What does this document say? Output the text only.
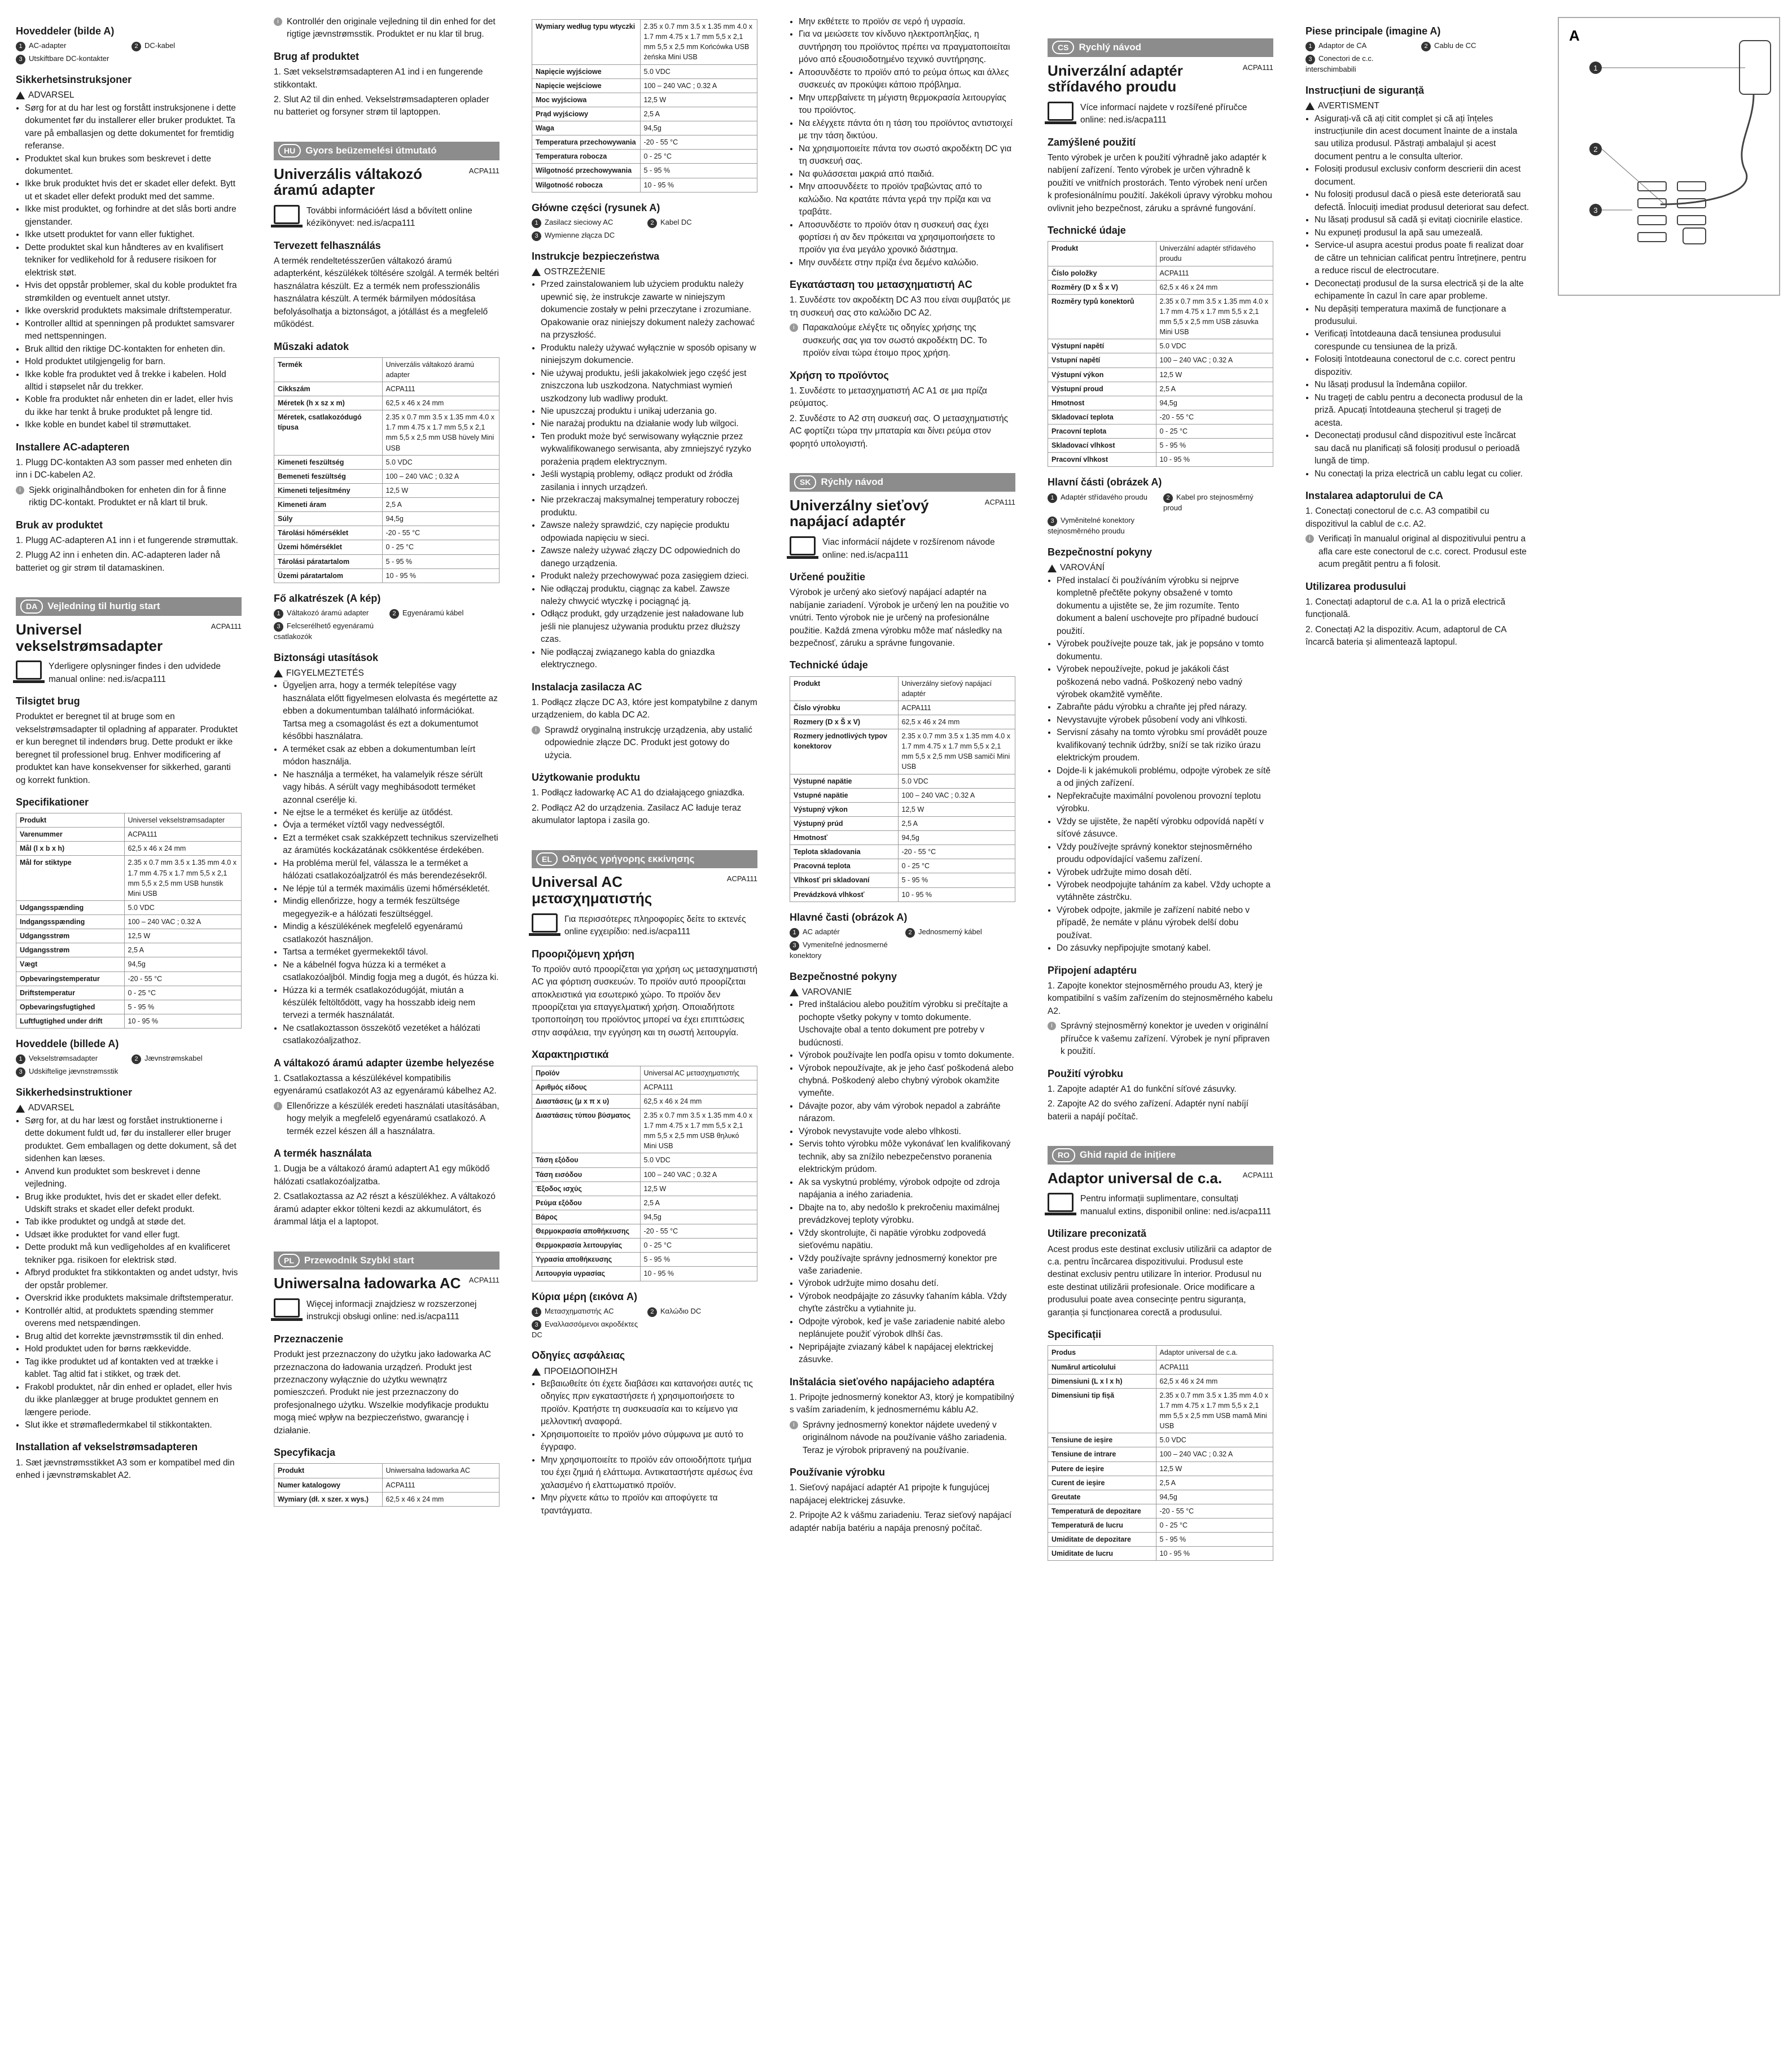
Hoveddeler (bilde A)
1 AC-adapter	2 DC-kabel
3 Utskiftbare DC-kontakter
Sikkerhetsinstruksjoner
ADVARSEL
• Sørg for at du har lest og forstått instruksjonene i dette dokumentet før du installerer eller bruker produktet. Ta vare på emballasjen og dette dokumentet for fremtidig referanse.
• Produktet skal kun brukes som beskrevet i dette dokumentet.
• Ikke bruk produktet hvis det er skadet eller defekt. Bytt ut et skadet eller defekt produkt med det samme.
• Ikke mist produktet, og forhindre at det slås borti andre gjenstander.
• Ikke utsett produktet for vann eller fuktighet.
• Dette produktet skal kun håndteres av en kvalifisert tekniker for vedlikehold for å redusere risikoen for elektrisk støt.
• Hvis det oppstår problemer, skal du koble produktet fra strømkilden og eventuelt annet utstyr.
• Ikke overskrid produktets maksimale driftstemperatur.
• Kontroller alltid at spenningen på produktet samsvarer med nettspenningen.
• Bruk alltid den riktige DC-kontakten for enheten din.
• Hold produktet utilgjengelig for barn.
• Ikke koble fra produktet ved å trekke i kabelen. Hold alltid i støpselet når du trekker.
• Koble fra produktet når enheten din er ladet, eller hvis du ikke har tenkt å bruke produktet på lengre tid.
• Ikke koble en bundet kabel til strømuttaket.
Installere AC-adapteren

1. Plugg DC-kontakten A3 som passer med enheten din inn i DC-kabelen A2.

i Sjekk originalhåndboken for enheten din for å finne riktig DC-kontakt. Produktet er nå klart til bruk.
Bruk av produktet

1. Plugg AC-adapteren A1 inn i et fungerende strømuttak.

2. Plugg A2 inn i enheten din. AC-adapteren lader nå batteriet og gir strøm til datamaskinen.

DA	Vejledning til hurtig start
Universel vekselstrømsadapter
ACPA111
Yderligere oplysninger findes i den udvidede manual online: ned.is/acpa111
Tilsigtet brug

Produktet er beregnet til at bruge som en vekselstrømsadapter til opladning af apparater. Produktet er kun beregnet til indendørs brug. Dette produkt er ikke beregnet til professionel brug. Enhver modificering af produktet kan have konsekvenser for sikkerhed, garanti og korrekt funktion.

Specifikationer
Produkt	Universel vekselstrømsadapter
Varenummer	ACPA111
Mål (l x b x h)	62,5 x 46 x 24 mm
Mål for stiktype	2.35 x 0.7 mm 3.5 x 1.35 mm 4.0 x 1.7 mm 4.75 x 1.7 mm 5,5 x 2,1 mm 5,5 x 2,5 mm USB hunstik Mini USB
Udgangsspænding	5.0 VDC
Indgangsspænding	100 – 240 VAC ; 0.32 A
Udgangsstrøm	12,5 W
Udgangsstrøm	2,5 A
Vægt	94,5g
Opbevaringstemperatur	-20 - 55 °C
Driftstemperatur	0 - 25 °C
Opbevaringsfugtighed	5 - 95 %
Luftfugtighed under drift	10 - 95 %
Hoveddele (billede A)
1 Vekselstrømsadapter	2 Jævnstrømskabel
3 Udskiftelige jævnstrømsstik
Sikkerhedsinstruktioner
ADVARSEL
• Sørg for, at du har læst og forstået instruktionerne i dette dokument fuldt ud, før du installerer eller bruger produktet. Gem emballagen og dette dokument, så det sidenhen kan læses.
• Anvend kun produktet som beskrevet i denne vejledning.
• Brug ikke produktet, hvis det er skadet eller defekt. Udskift straks et skadet eller defekt produkt.
• Tab ikke produktet og undgå at støde det.
• Udsæt ikke produktet for vand eller fugt.
• Dette produkt må kun vedligeholdes af en kvalificeret tekniker pga. risikoen for elektrisk stød.
• Afbryd produktet fra stikkontakten og andet udstyr, hvis der opstår problemer.
• Overskrid ikke produktets maksimale driftstemperatur.
• Kontrollér altid, at produktets spænding stemmer overens med netspændingen.
• Brug altid det korrekte jævnstrømsstik til din enhed.
• Hold produktet uden for børns rækkevidde.
• Tag ikke produktet ud af kontakten ved at trække i kablet. Tag altid fat i stikket, og træk det.
• Frakobl produktet, når din enhed er opladet, eller hvis du ikke planlægger at bruge produktet gennem en længere periode.
• Slut ikke et strømafledermkabel til stikkontakten.
Installation af vekselstrømsadapteren

1. Sæt jævnstrømsstikket A3 som er kompatibel med din enhed i jævnstrømskablet A2.

i Kontrollér den originale vejledning til din enhed for det rigtige jævnstrømsstik. Produktet er nu klar til brug.
Brug af produktet

1. Sæt vekselstrømsadapteren A1 ind i en fungerende stikkontakt.

2. Slut A2 til din enhed. Vekselstrømsadapteren oplader nu batteriet og forsyner strøm til laptoppen.

HU	Gyors beüzemelési útmutató
Univerzális váltakozó áramú adapter
ACPA111
További információért lásd a bővített online kézikönyvet: ned.is/acpa111
Tervezett felhasználás

A termék rendeltetésszerűen váltakozó áramú adapterként, készülékek töltésére szolgál. A termék beltéri használatra készült. Ez a termék nem professzionális használatra készült. A termék bármilyen módosítása befolyásolhatja a biztonságot, a jótállást és a megfelelő működést.

Műszaki adatok
Termék	Univerzális váltakozó áramú adapter
Cikkszám	ACPA111
Méretek (h x sz x m)	62,5 x 46 x 24 mm
Méretek, csatlakozódugó típusa	2.35 x 0.7 mm 3.5 x 1.35 mm 4.0 x 1.7 mm 4.75 x 1.7 mm 5,5 x 2,1 mm 5,5 x 2,5 mm USB hüvely Mini USB
Kimeneti feszültség	5.0 VDC
Bemeneti feszültség	100 – 240 VAC ; 0.32 A
Kimeneti teljesítmény	12,5 W
Kimeneti áram	2,5 A
Súly	94,5g
Tárolási hőmérséklet	-20 - 55 °C
Üzemi hőmérséklet	0 - 25 °C
Tárolási páratartalom	5 - 95 %
Üzemi páratartalom	10 - 95 %
Fő alkatrészek (A kép)
1 Váltakozó áramú adapter	2 Egyenáramú kábel
3 Felcserélhető egyenáramú csatlakozók
Biztonsági utasítások
FIGYELMEZTETÉS
• Ügyeljen arra, hogy a termék telepítése vagy használata előtt figyelmesen elolvasta és megértette az ebben a dokumentumban található információkat. Tartsa meg a csomagolást és ezt a dokumentumot későbbi használatra.
• A terméket csak az ebben a dokumentumban leírt módon használja.
• Ne használja a terméket, ha valamelyik része sérült vagy hibás. A sérült vagy meghibásodott terméket azonnal cserélje ki.
• Ne ejtse le a terméket és kerülje az ütődést.
• Óvja a terméket víztől vagy nedvességtől.
• Ezt a terméket csak szakképzett technikus szervizelheti az áramütés kockázatának csökkentése érdekében.
• Ha probléma merül fel, válassza le a terméket a hálózati csatlakozóaljzatról és más berendezésekről.
• Ne lépje túl a termék maximális üzemi hőmérsékletét.
• Mindig ellenőrizze, hogy a termék feszültsége megegyezik-e a hálózati feszültséggel.
• Mindig a készülékének megfelelő egyenáramú csatlakozót használjon.
• Tartsa a terméket gyermekektől távol.
• Ne a kábelnél fogva húzza ki a terméket a csatlakozóaljból. Mindig fogja meg a dugót, és húzza ki.
• Húzza ki a termék csatlakozódugóját, miután a készülék feltöltődött, vagy ha hosszabb ideig nem tervezi a termék használatát.
• Ne csatlakoztasson összekötő vezetéket a hálózati csatlakozóaljzathoz.
A váltakozó áramú adapter üzembe helyezése

1. Csatlakoztassa a készülékével kompatibilis egyenáramú csatlakozót A3 az egyenáramú kábelhez A2.

i Ellenőrizze a készülék eredeti használati utasításában, hogy melyik a megfelelő egyenáramú csatlakozó. A termék ezzel készen áll a használatra.
A termék használata

1. Dugja be a váltakozó áramú adaptert A1 egy működő hálózati csatlakozóaljzatba.

2. Csatlakoztassa az A2 részt a készülékhez. A váltakozó áramú adapter ekkor tölteni kezdi az akkumulátort, és árammal látja el a laptopot.

PL	Przewodnik Szybki start
Uniwersalna ładowarka AC ACPA111
Więcej informacji znajdziesz w rozszerzonej instrukcji obsługi online: ned.is/acpa111
Przeznaczenie

Produkt jest przeznaczony do użytku jako ładowarka AC przeznaczona do ładowania urządzeń. Produkt jest przeznaczony wyłącznie do użytku wewnątrz pomieszczeń. Produkt nie jest przeznaczony do profesjonalnego użytku. Wszelkie modyfikacje produktu mogą mieć wpływ na bezpieczeństwo, gwarancję i działanie.

Specyfikacja
Produkt	Uniwersalna ładowarka AC
Numer katalogowy	ACPA111
Wymiary (dł. x szer. x wys.)	62,5 x 46 x 24 mm
Wymiary według typu wtyczki	2.35 x 0.7 mm 3.5 x 1.35 mm 4.0 x 1.7 mm 4.75 x 1.7 mm 5,5 x 2,1 mm 5,5 x 2,5 mm Końcówka USB żeńska Mini USB
Napięcie wyjściowe	5.0 VDC
Napięcie wejściowe	100 – 240 VAC ; 0.32 A
Moc wyjściowa	12,5 W
Prąd wyjściowy	2,5 A
Waga	94,5g
Temperatura przechowywania	-20 - 55 °C
Temperatura robocza	0 - 25 °C
Wilgotność przechowywania	5 - 95 %
Wilgotność robocza	10 - 95 %
Główne części (rysunek A)
1 Zasilacz sieciowy AC	2 Kabel DC
3 Wymienne złącza DC
Instrukcje bezpieczeństwa
OSTRZEŻENIE
• Przed zainstalowaniem lub użyciem produktu należy upewnić się, że instrukcje zawarte w niniejszym dokumencie zostały w pełni przeczytane i zrozumiane. Opakowanie oraz niniejszy dokument należy zachować na przyszłość.
• Produktu należy używać wyłącznie w sposób opisany w niniejszym dokumencie.
• Nie używaj produktu, jeśli jakakolwiek jego część jest zniszczona lub uszkodzona. Natychmiast wymień uszkodzony lub wadliwy produkt.
• Nie upuszczaj produktu i unikaj uderzania go.
• Nie narażaj produktu na działanie wody lub wilgoci.
• Ten produkt może być serwisowany wyłącznie przez wykwalifikowanego serwisanta, aby zmniejszyć ryzyko porażenia prądem elektrycznym.
• Jeśli wystąpią problemy, odłącz produkt od źródła zasilania i innych urządzeń.
• Nie przekraczaj maksymalnej temperatury roboczej produktu.
• Zawsze należy sprawdzić, czy napięcie produktu odpowiada napięciu w sieci.
• Zawsze należy używać złączy DC odpowiednich do danego urządzenia.
• Produkt należy przechowywać poza zasięgiem dzieci.
• Nie odłączaj produktu, ciągnąc za kabel. Zawsze należy chwycić wtyczkę i pociągnąć ją.
• Odłącz produkt, gdy urządzenie jest naładowane lub jeśli nie planujesz używania produktu przez dłuższy czas.
• Nie podłączaj związanego kabla do gniazdka elektrycznego.
Instalacja zasilacza AC

1. Podłącz złącze DC A3, które jest kompatybilne z danym urządzeniem, do kabla DC A2.

i Sprawdź oryginalną instrukcję urządzenia, aby ustalić odpowiednie złącze DC. Produkt jest gotowy do użycia.
Użytkowanie produktu

1. Podłącz ładowarkę AC A1 do działającego gniazdka.

2. Podłącz A2 do urządzenia. Zasilacz AC ładuje teraz akumulator laptopa i zasila go.

EL	Οδηγός γρήγορης εκκίνησης
Universal AC μετασχηματιστής
ACPA111
Για περισσότερες πληροφορίες δείτε το εκτενές online εγχειρίδιο: ned.is/acpa111
Προοριζόμενη χρήση

Το προϊόν αυτό προορίζεται για χρήση ως μετασχηματιστή AC για φόρτιση συσκευών. Το προϊόν αυτό προορίζεται αποκλειστικά για εσωτερικό χώρο. Το προϊόν δεν προορίζεται για επαγγελματική χρήση. Οποιαδήποτε τροποποίηση του προϊόντος μπορεί να έχει επιπτώσεις στην ασφάλεια, την εγγύηση και τη σωστή λειτουργία.

Χαρακτηριστικά
Προϊόν	Universal AC μετασχηματιστής
Αριθμός είδους	ACPA111
Διαστάσεις (μ x π x υ)	62,5 x 46 x 24 mm
Διαστάσεις τύπου βύσματος	2.35 x 0.7 mm 3.5 x 1.35 mm 4.0 x 1.7 mm 4.75 x 1.7 mm 5,5 x 2,1 mm 5,5 x 2,5 mm USB θηλυκό Mini USB
Τάση εξόδου	5.0 VDC
Τάση εισόδου	100 – 240 VAC ; 0.32 A
Έξοδος ισχύς	12,5 W
Ρεύμα εξόδου	2,5 A
Βάρος	94,5g
Θερμοκρασία αποθήκευσης	-20 - 55 °C
Θερμοκρασία λειτουργίας	0 - 25 °C
Υγρασία αποθήκευσης	5 - 95 %
Λειτουργία υγρασίας	10 - 95 %
Κύρια μέρη (εικόνα A)
1 Μετασχηματιστής AC	2 Καλώδιο DC
3 Εναλλασσόμενοι ακροδέκτες DC
Οδηγίες ασφάλειας
ΠΡΟΕΙΔΟΠΟΙΗΣΗ
• Βεβαιωθείτε ότι έχετε διαβάσει και κατανοήσει αυτές τις οδηγίες πριν εγκαταστήσετε ή χρησιμοποιήσετε το προϊόν. Κρατήστε τη συσκευασία και το κείμενο για μελλοντική αναφορά.
• Χρησιμοποιείτε το προϊόν μόνο σύμφωνα με αυτό το έγγραφο.
• Μην χρησιμοποιείτε το προϊόν εάν οποιοδήποτε τμήμα του έχει ζημιά ή ελάττωμα. Αντικαταστήστε αμέσως ένα χαλασμένο ή ελαττωματικό προϊόν.
• Μην ρίχνετε κάτω το προϊόν και αποφύγετε τα τραντάγματα.
• Μην εκθέτετε το προϊόν σε νερό ή υγρασία.
• Για να μειώσετε τον κίνδυνο ηλεκτροπληξίας, η συντήρηση του προϊόντος πρέπει να πραγματοποιείται μόνο από εξουσιοδοτημένο τεχνικό συντήρησης.
• Αποσυνδέστε το προϊόν από το ρεύμα όπως και άλλες συσκευές αν προκύψει κάποιο πρόβλημα.
• Μην υπερβαίνετε τη μέγιστη θερμοκρασία λειτουργίας του προϊόντος.
• Να ελέγχετε πάντα ότι η τάση του προϊόντος αντιστοιχεί με την τάση δικτύου.
• Να χρησιμοποιείτε πάντα τον σωστό ακροδέκτη DC για τη συσκευή σας.
• Να φυλάσσεται μακριά από παιδιά.
• Μην αποσυνδέετε το προϊόν τραβώντας από το καλώδιο. Να κρατάτε πάντα γερά την πρίζα και να τραβάτε.
• Αποσυνδέστε το προϊόν όταν η συσκευή σας έχει φορτίσει ή αν δεν πρόκειται να χρησιμοποιήσετε το προϊόν για ένα μεγάλο χρονικό διάστημα.
• Μην συνδέετε στην πρίζα ένα δεμένο καλώδιο.
Εγκατάσταση του μετασχηματιστή AC

1. Συνδέστε τον ακροδέκτη DC A3 που είναι συμβατός με τη συσκευή σας στο καλώδιο DC A2.

i Παρακαλούμε ελέγξτε τις οδηγίες χρήσης της συσκευής σας για τον σωστό ακροδέκτη DC. Το προϊόν είναι τώρα έτοιμο προς χρήση.
Χρήση το προϊόντος

1. Συνδέστε το μετασχηματιστή AC A1 σε μια πρίζα ρεύματος.

2. Συνδέστε το A2 στη συσκευή σας. Ο μετασχηματιστής AC φορτίζει τώρα την μπαταρία και δίνει ρεύμα στον φορητό υπολογιστή.

SK	Rýchly návod
Univerzálny sieťový napájací adaptér
ACPA111
Viac informácií nájdete v rozšírenom návode online: ned.is/acpa111
Určené použitie

Výrobok je určený ako sieťový napájací adaptér na nabíjanie zariadení. Výrobok je určený len na použitie vo vnútri. Tento výrobok nie je určený na profesionálne použitie. Každá zmena výrobku môže mať následky na bezpečnosť, záruku a správne fungovanie.

Technické údaje
Produkt	Univerzálny sieťový napájací adaptér
Číslo výrobku	ACPA111
Rozmery (D x Š x V)	62,5 x 46 x 24 mm
Rozmery jednotlivých typov konektorov	2.35 x 0.7 mm 3.5 x 1.35 mm 4.0 x 1.7 mm 4.75 x 1.7 mm 5,5 x 2,1 mm 5,5 x 2,5 mm USB samičí Mini USB
Výstupné napätie	5.0 VDC
Vstupné napätie	100 – 240 VAC ; 0.32 A
Výstupný výkon	12,5 W
Výstupný prúd	2,5 A
Hmotnosť	94,5g
Teplota skladovania	-20 - 55 °C
Pracovná teplota	0 - 25 °C
Vlhkosť pri skladovaní	5 - 95 %
Prevádzková vlhkosť	10 - 95 %
Hlavné časti (obrázok A)
1 AC adaptér	2 Jednosmerný kábel
3 Vymeniteľné jednosmerné konektory
Bezpečnostné pokyny
VAROVANIE
• Pred inštaláciou alebo použitím výrobku si prečítajte a pochopte všetky pokyny v tomto dokumente. Uschovajte obal a tento dokument pre potreby v budúcnosti.
• Výrobok používajte len podľa opisu v tomto dokumente.
• Výrobok nepoužívajte, ak je jeho časť poškodená alebo chybná. Poškodený alebo chybný výrobok okamžite vymeňte.
• Dávajte pozor, aby vám výrobok nepadol a zabráňte nárazom.
• Výrobok nevystavujte vode alebo vlhkosti.
• Servis tohto výrobku môže vykonávať len kvalifikovaný technik, aby sa znížilo nebezpečenstvo poranenia elektrickým prúdom.
• Ak sa vyskytnú problémy, výrobok odpojte od zdroja napájania a iného zariadenia.
• Dbajte na to, aby nedošlo k prekročeniu maximálnej prevádzkovej teploty výrobku.
• Vždy skontrolujte, či napätie výrobku zodpovedá sieťovému napätiu.
• Vždy používajte správny jednosmerný konektor pre vaše zariadenie.
• Výrobok udržujte mimo dosahu detí.
• Výrobok neodpájajte zo zásuvky ťahaním kábla. Vždy chyťte zástrčku a vytiahnite ju.
• Odpojte výrobok, keď je vaše zariadenie nabité alebo neplánujete použiť výrobok dlhší čas.
• Nepripájajte zviazaný kábel k napájacej elektrickej zásuvke.
Inštalácia sieťového napájacieho adaptéra

1. Pripojte jednosmerný konektor A3, ktorý je kompatibilný s vaším zariadením, k jednosmernému káblu A2.

i Správny jednosmerný konektor nájdete uvedený v originálnom návode na používanie vášho zariadenia. Teraz je výrobok pripravený na používanie.
Používanie výrobku

1. Sieťový napájací adaptér A1 pripojte k fungujúcej napájacej elektrickej zásuvke.

2. Pripojte A2 k vášmu zariadeniu. Teraz sieťový napájací adaptér nabíja batériu a napája prenosný počítač.

CS	Rychlý návod
Univerzální adaptér střídavého proudu
ACPA111
Více informací najdete v rozšířené příručce online: ned.is/acpa111
Zamýšlené použití

Tento výrobek je určen k použití výhradně jako adaptér k nabíjení zařízení. Tento výrobek je určen výhradně k použití ve vnitřních prostorách. Tento výrobek není určen k profesionálnímu použití. Jakékoli úpravy výrobku mohou ovlivnit jeho bezpečnost, záruku a správné fungování.

Technické údaje
Produkt	Univerzální adaptér střídavého proudu
Číslo položky	ACPA111
Rozměry (D x Š x V)	62,5 x 46 x 24 mm
Rozměry typů konektorů	2.35 x 0.7 mm 3.5 x 1.35 mm 4.0 x 1.7 mm 4.75 x 1.7 mm 5,5 x 2,1 mm 5,5 x 2,5 mm USB zásuvka Mini USB
Výstupní napětí	5.0 VDC
Vstupní napětí	100 – 240 VAC ; 0.32 A
Výstupní výkon	12,5 W
Výstupní proud	2,5 A
Hmotnost	94,5g
Skladovací teplota	-20 - 55 °C
Pracovní teplota	0 - 25 °C
Skladovací vlhkost	5 - 95 %
Pracovní vlhkost	10 - 95 %
Hlavní části (obrázek A)
1 Adaptér střídavého proudu	2 Kabel pro stejnosměrný proud
3 Vyměnitelné konektory stejnosměrného proudu
Bezpečnostní pokyny
VAROVÁNÍ
• Před instalací či používáním výrobku si nejprve kompletně přečtěte pokyny obsažené v tomto dokumentu a ujistěte se, že jim rozumíte. Tento dokument a balení uschovejte pro případné budoucí použití.
• Výrobek používejte pouze tak, jak je popsáno v tomto dokumentu.
• Výrobek nepoužívejte, pokud je jakákoli část poškozená nebo vadná. Poškozený nebo vadný výrobek okamžitě vyměňte.
• Zabraňte pádu výrobku a chraňte jej před nárazy.
• Nevystavujte výrobek působení vody ani vlhkosti.
• Servisní zásahy na tomto výrobku smí provádět pouze kvalifikovaný technik údržby, sníží se tak riziko úrazu elektrickým proudem.
• Dojde-li k jakémukoli problému, odpojte výrobek ze sítě a od jiných zařízení.
• Nepřekračujte maximální povolenou provozní teplotu výrobku.
• Vždy se ujistěte, že napětí výrobku odpovídá napětí v síťové zásuvce.
• Vždy používejte správný konektor stejnosměrného proudu odpovídající vašemu zařízení.
• Výrobek udržujte mimo dosah dětí.
• Výrobek neodpojujte taháním za kabel. Vždy uchopte a vytáhněte zástrčku.
• Výrobek odpojte, jakmile je zařízení nabité nebo v případě, že nemáte v plánu výrobek delší dobu používat.
• Do zásuvky nepřipojujte smotaný kabel.
Připojení adaptéru

1. Zapojte konektor stejnosměrného proudu A3, který je kompatibilní s vaším zařízením do stejnosměrného kabelu A2.

i Správný stejnosměrný konektor je uveden v originální příručce k vašemu zařízení. Výrobek je nyní připraven k použití.
Použití výrobku

1. Zapojte adaptér A1 do funkční síťové zásuvky.

2. Zapojte A2 do svého zařízení. Adaptér nyní nabíjí baterii a napájí počítač.

RO	Ghid rapid de inițiere
Adaptor universal de c.a.	ACPA111
Pentru informații suplimentare, consultați manualul extins, disponibil online: ned.is/acpa111
Utilizare preconizată

Acest produs este destinat exclusiv utilizării ca adaptor de c.a. pentru încărcarea dispozitivului. Produsul este destinat exclusiv pentru utilizare în interior. Produsul nu este destinat utilizării profesionale. Orice modificare a produsului poate avea consecințe pentru siguranța, garanția și funcționarea corectă a produsului.

Specificații
Produs	Adaptor universal de c.a.
Numărul articolului	ACPA111
Dimensiuni (L x l x h)	62,5 x 46 x 24 mm
Dimensiuni tip fișă	2.35 x 0.7 mm 3.5 x 1.35 mm 4.0 x 1.7 mm 4.75 x 1.7 mm 5,5 x 2,1 mm 5,5 x 2,5 mm USB mamă Mini USB
Tensiune de ieșire	5.0 VDC
Tensiune de intrare	100 – 240 VAC ; 0.32 A
Putere de ieșire	12,5 W
Curent de ieșire	2,5 A
Greutate	94,5g
Temperatură de depozitare	-20 - 55 °C
Temperatură de lucru	0 - 25 °C
Umiditate de depozitare	5 - 95 %
Umiditate de lucru	10 - 95 %
Piese principale (imagine A)
1 Adaptor de CA	2 Cablu de CC
3 Conectori de c.c. interschimbabili
Instrucțiuni de siguranță
AVERTISMENT
• Asigurați-vă că ați citit complet și că ați înțeles instrucțiunile din acest document înainte de a instala sau utiliza produsul. Păstrați ambalajul și acest document pentru a le consulta ulterior.
• Folosiți produsul exclusiv conform descrierii din acest document.
• Nu folosiți produsul dacă o piesă este deteriorată sau defectă. Înlocuiți imediat produsul deteriorat sau defect.
• Nu lăsați produsul să cadă și evitați ciocnirile elastice.
• Nu expuneți produsul la apă sau umezeală.
• Service-ul asupra acestui produs poate fi realizat doar de către un tehnician calificat pentru întreținere, pentru a reduce riscul de electrocutare.
• Deconectați produsul de la sursa electrică și de la alte echipamente în cazul în care apar probleme.
• Nu depășiți temperatura maximă de funcționare a produsului.
• Verificați întotdeauna dacă tensiunea produsului corespunde cu tensiunea de la priză.
• Folosiți întotdeauna conectorul de c.c. corect pentru dispozitiv.
• Nu lăsați produsul la îndemâna copiilor.
• Nu trageți de cablu pentru a deconecta produsul de la priză. Apucați întotdeauna ștecherul și trageți de acesta.
• Deconectați produsul când dispozitivul este încărcat sau dacă nu planificați să folosiți produsul o perioadă lungă de timp.
• Nu conectați la priza electrică un cablu legat cu colier.
Instalarea adaptorului de CA

1. Conectați conectorul de c.c. A3 compatibil cu dispozitivul la cablul de c.c. A2.

i Verificați în manualul original al dispozitivului pentru a afla care este conectorul de c.c. corect. Produsul este acum pregătit pentru a fi folosit.
Utilizarea produsului

1. Conectați adaptorul de c.a. A1 la o priză electrică funcțională.

2. Conectați A2 la dispozitiv. Acum, adaptorul de CA încarcă bateria și alimentează laptopul.

A
1
2
3
